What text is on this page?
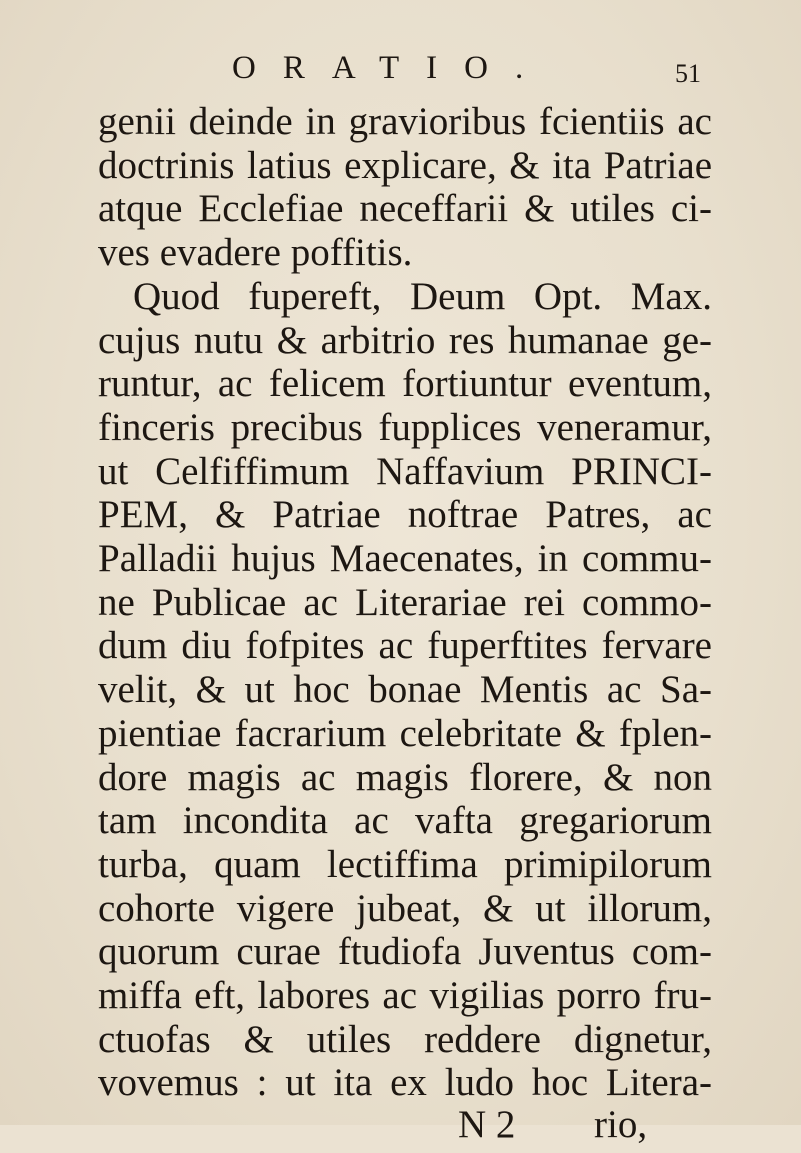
ORATIO.	51
genii deinde in gravioribus fcientiis ac
doctrinis latius explicare, & ita Patriae
atque Ecclefiae neceffarii & utiles ci-
ves evadere poffitis.
Quod fupereft, Deum Opt. Max.
cujus nutu & arbitrio res humanae ge-
runtur, ac felicem fortiuntur eventum,
finceris precibus fupplices veneramur,
ut Celfiffimum Naffavium PRINCI-
PEM, & Patriae noftrae Patres, ac
Palladii hujus Maecenates, in commu-
ne Publicae ac Literariae rei commo-
dum diu fofpites ac fuperftites fervare
velit, & ut hoc bonae Mentis ac Sa-
pientiae facrarium celebritate & fplen-
dore magis ac magis florere, & non
tam incondita ac vafta gregariorum
turba, quam lectiffima primipilorum
cohorte vigere jubeat, & ut illorum,
quorum curae ftudiofa Juventus com-
miffa eft, labores ac vigilias porro fru-
ctuofas & utiles reddere dignetur,
vovemus : ut ita ex ludo hoc Litera-
N 2 rio,
